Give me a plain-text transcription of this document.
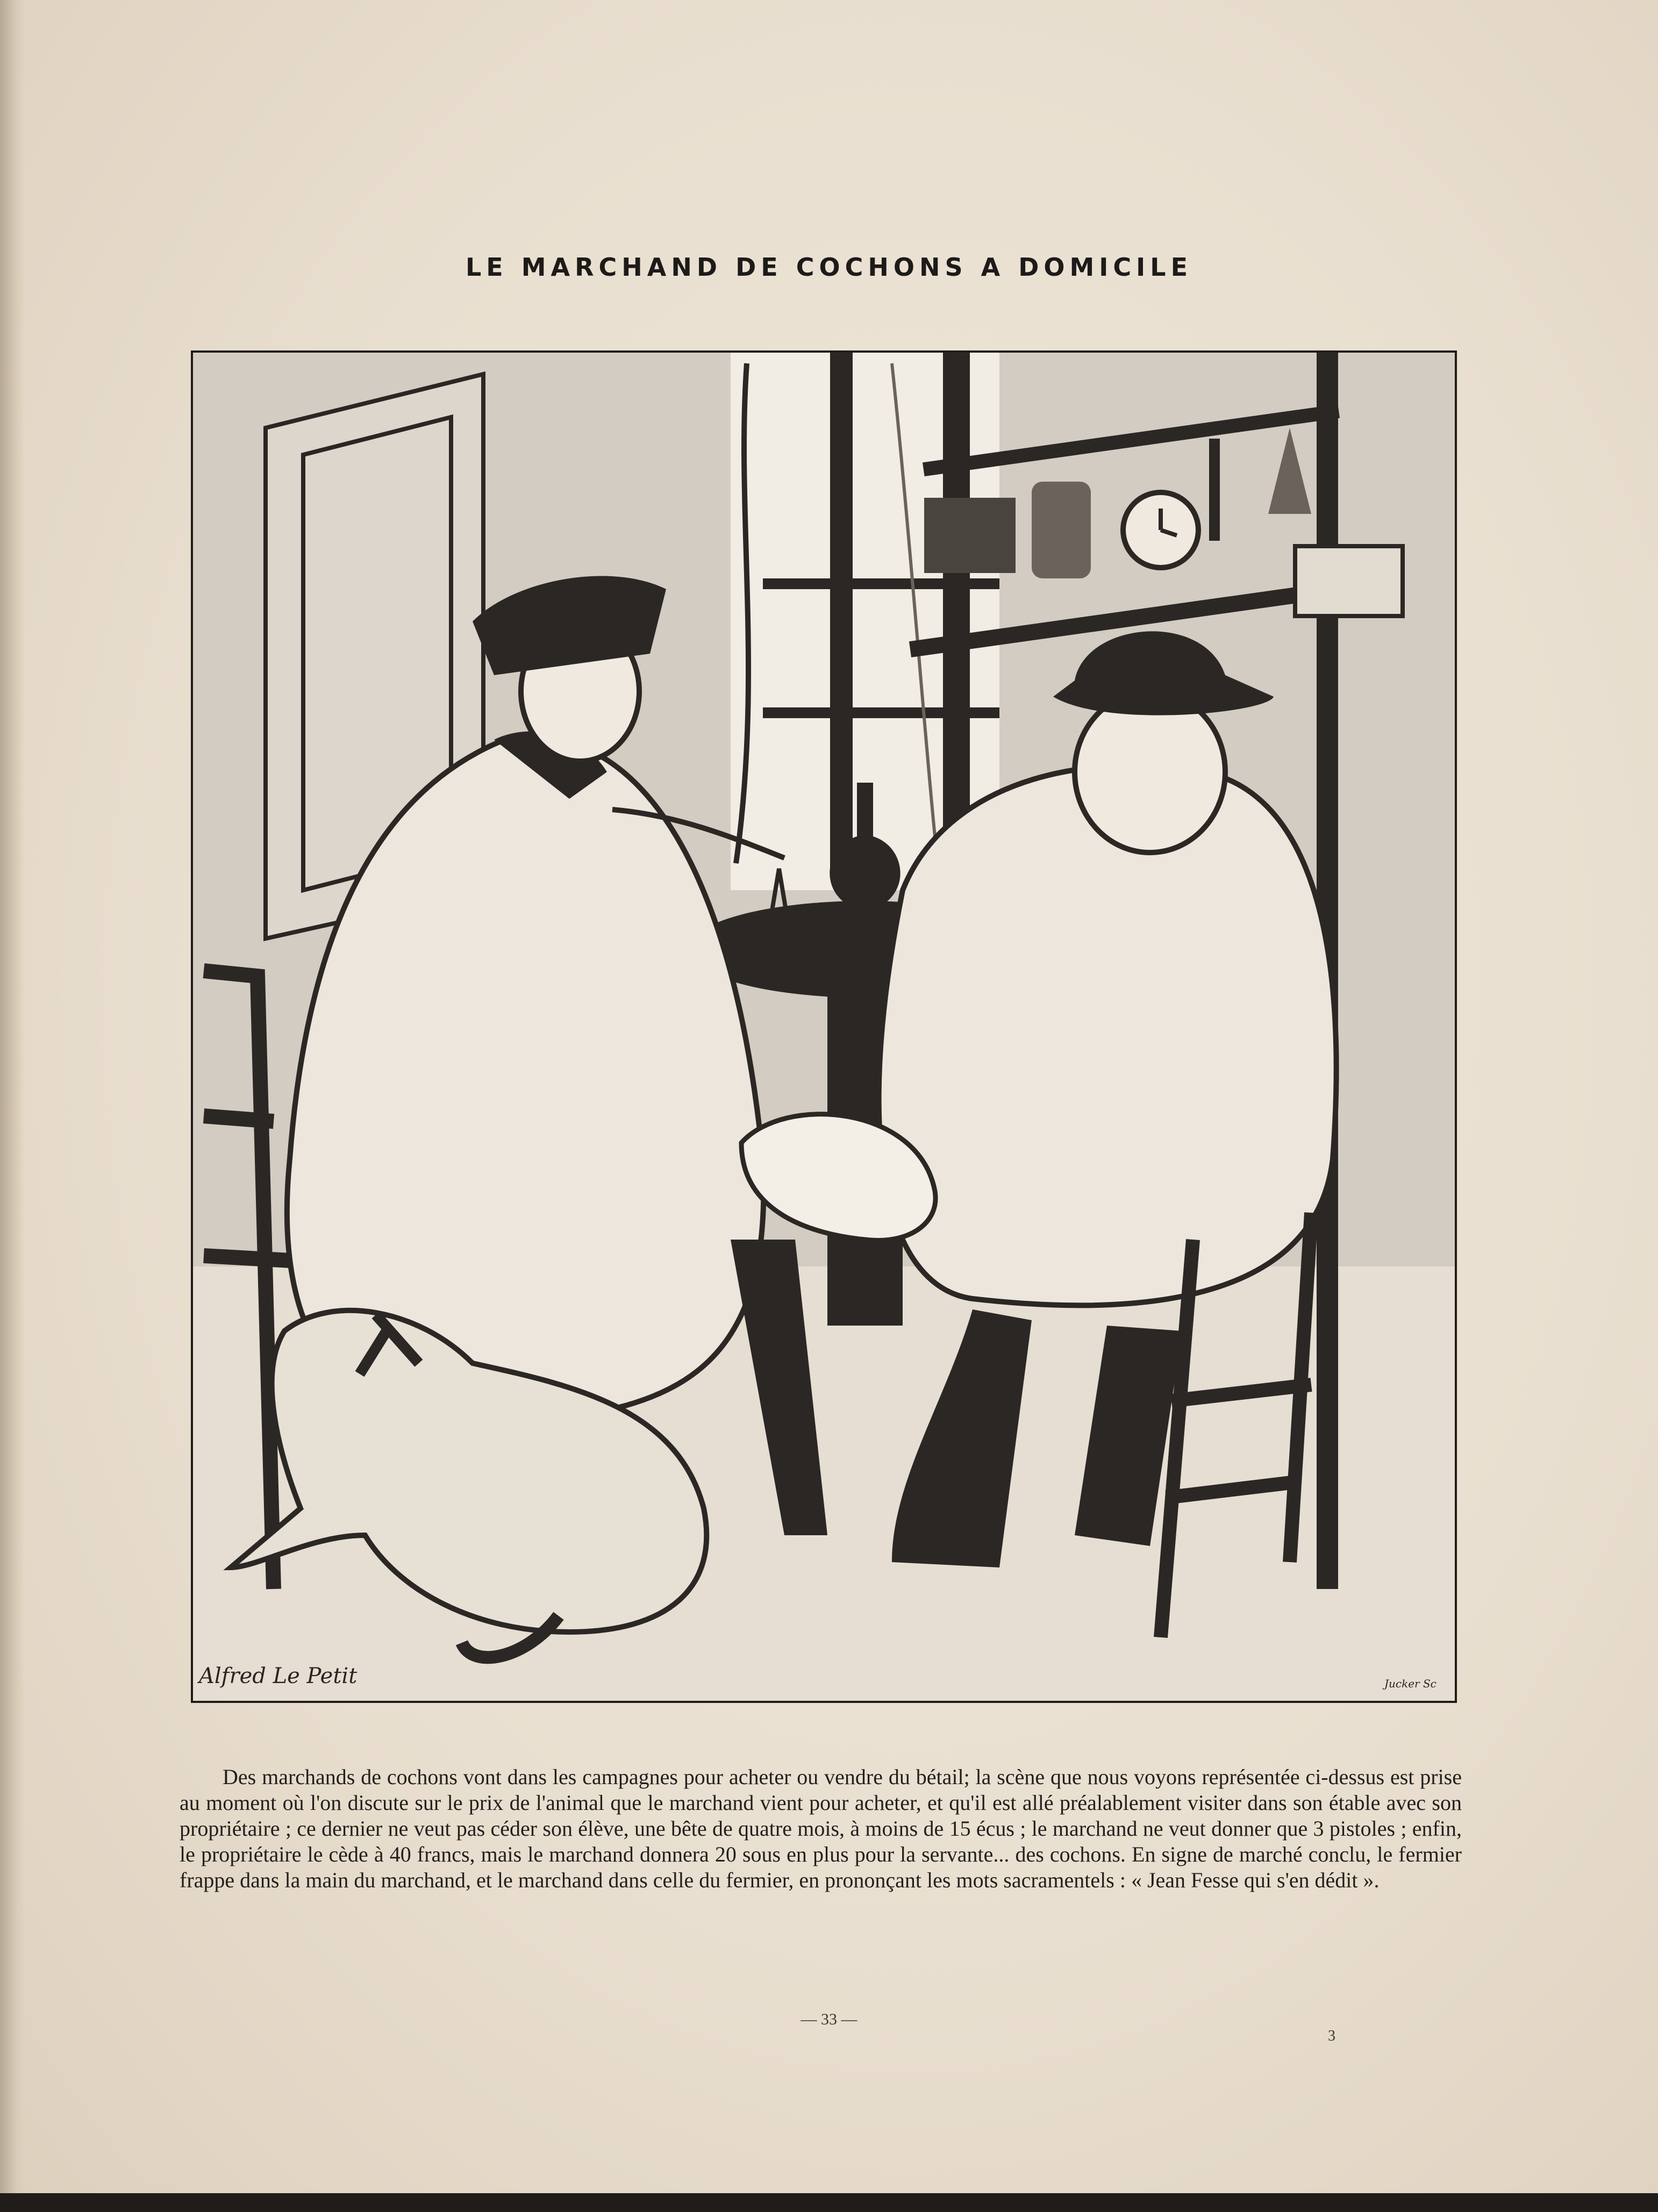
LE MARCHAND DE COCHONS A DOMICILE
Alfred Le Petit	Jucker Sc

Des marchands de cochons vont dans les campagnes pour acheter ou vendre du bétail; la scène que nous voyons représentée ci-dessus est prise au moment où l'on discute sur le prix de l'animal que le marchand vient pour acheter, et qu'il est allé préalablement visiter dans son étable avec son propriétaire ; ce dernier ne veut pas céder son élève, une bête de quatre mois, à moins de 15 écus ; le marchand ne veut donner que 3 pistoles ; enfin, le propriétaire le cède à 40 francs, mais le marchand donnera 20 sous en plus pour la servante... des cochons. En signe de marché conclu, le fermier frappe dans la main du marchand, et le marchand dans celle du fermier, en prononçant les mots sacramentels : « Jean Fesse qui s'en dédit ».

— 33 —
3
